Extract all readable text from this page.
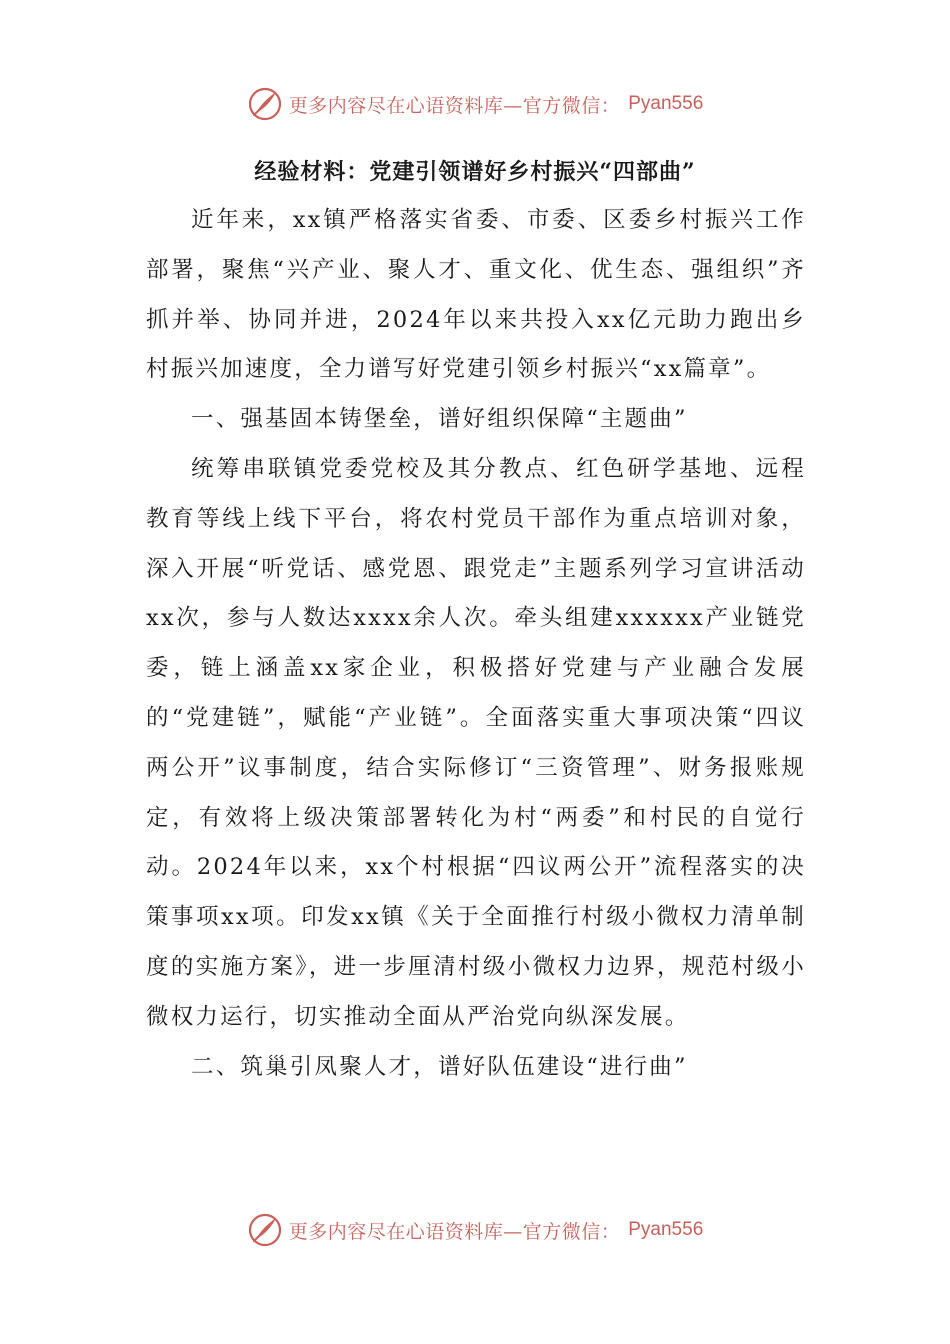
更多内容尽在心语资料库—官方微信： Pyan556
经验材料：党建引领谱好乡村振兴“四部曲”

近年来，xx镇严格落实省委、市委、区委乡村振兴工作部署，聚焦“兴产业、聚人才、重文化、优生态、强组织”齐抓并举、协同并进，2024年以来共投入xx亿元助力跑出乡村振兴加速度，全力谱写好党建引领乡村振兴“xx篇章”。

一、强基固本铸堡垒，谱好组织保障“主题曲”

统筹串联镇党委党校及其分教点、红色研学基地、远程教育等线上线下平台，将农村党员干部作为重点培训对象，深入开展“听党话、感党恩、跟党走”主题系列学习宣讲活动xx次，参与人数达xxxx余人次。牵头组建xxxxxx产业链党委，链上涵盖xx家企业，积极搭好党建与产业融合发展的“党建链”，赋能“产业链”。全面落实重大事项决策“四议两公开”议事制度，结合实际修订“三资管理”、财务报账规定，有效将上级决策部署转化为村“两委”和村民的自觉行动。2024年以来，xx个村根据“四议两公开”流程落实的决策事项xx项。印发xx镇《关于全面推行村级小微权力清单制度的实施方案》，进一步厘清村级小微权力边界，规范村级小微权力运行，切实推动全面从严治党向纵深发展。

二、筑巢引凤聚人才，谱好队伍建设“进行曲”

更多内容尽在心语资料库—官方微信： Pyan556
